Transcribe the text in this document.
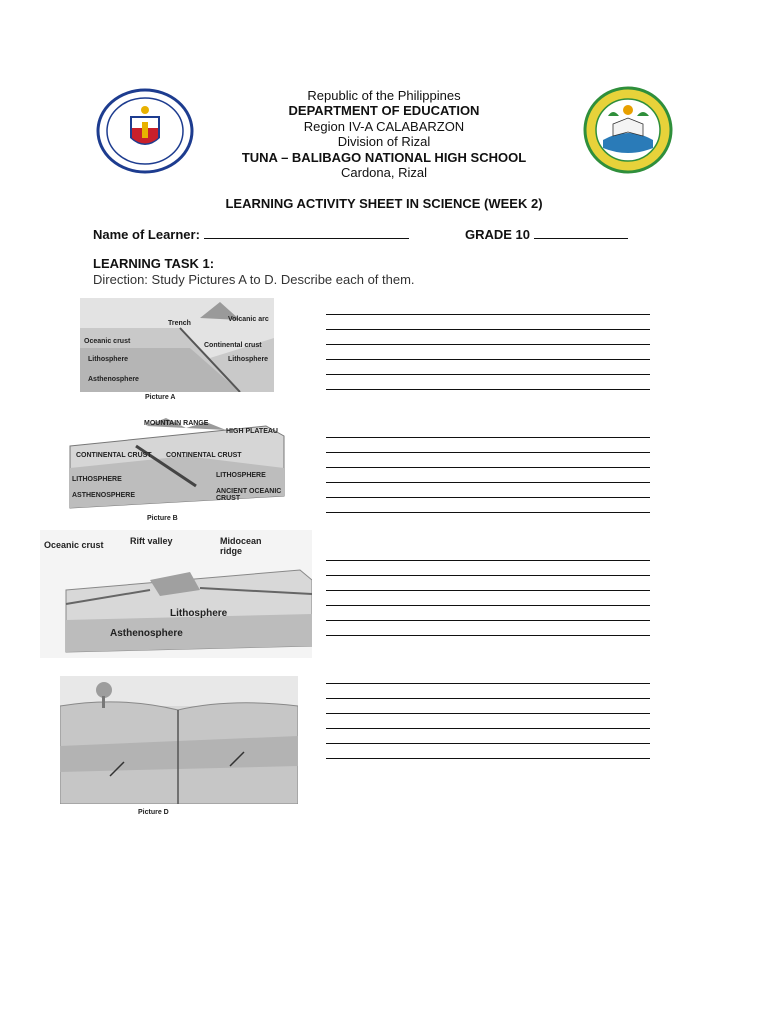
Republic of the Philippines
DEPARTMENT OF EDUCATION
Region IV-A CALABARZON
Division of Rizal
TUNA – BALIBAGO NATIONAL HIGH SCHOOL
Cardona, Rizal
LEARNING ACTIVITY SHEET IN SCIENCE (WEEK 2)
Name of Learner:	GRADE 10
LEARNING TASK 1:
Direction: Study Pictures A to D. Describe each of them.
Oceanic crust
Trench
Volcanic arc
Continental crust
Lithosphere	Lithosphere
Asthenosphere
Picture A
MOUNTAIN RANGE
HIGH PLATEAU
CONTINENTAL CRUST CONTINENTAL CRUST
LITHOSPHERE
LITHOSPHERE
ASTHENOSPHERE
ANCIENT OCEANIC CRUST
Picture B
Oceanic crust	Rift valley	Midocean ridge
Lithosphere
Asthenosphere
Picture D
